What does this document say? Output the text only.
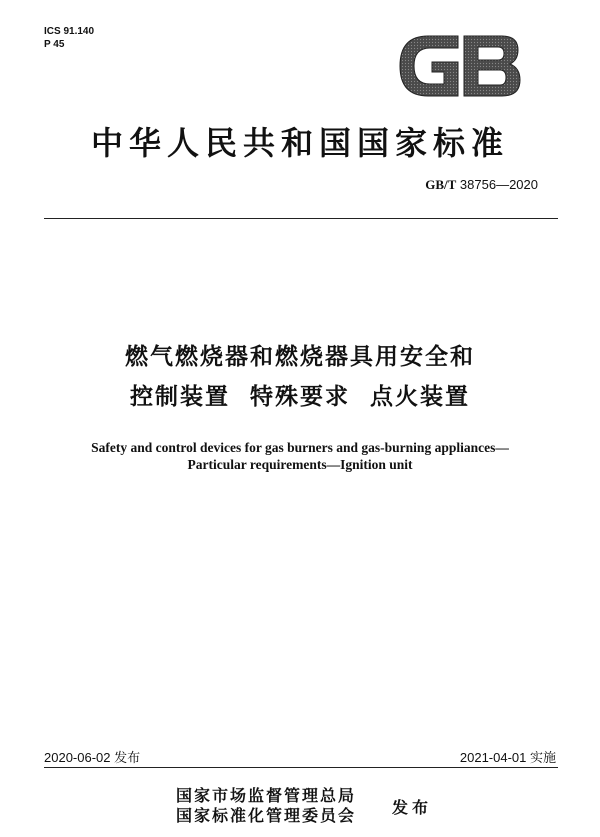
ICS 91.140
P 45
中华人民共和国国家标准
GB/T 38756—2020
燃气燃烧器和燃烧器具用安全和
控制装置  特殊要求  点火装置
Safety and control devices for gas burners and gas-burning appliances—
Particular requirements—Ignition unit
2020-06-02 发布	2021-04-01 实施
国家市场监督管理总局
国家标准化管理委员会 发布
